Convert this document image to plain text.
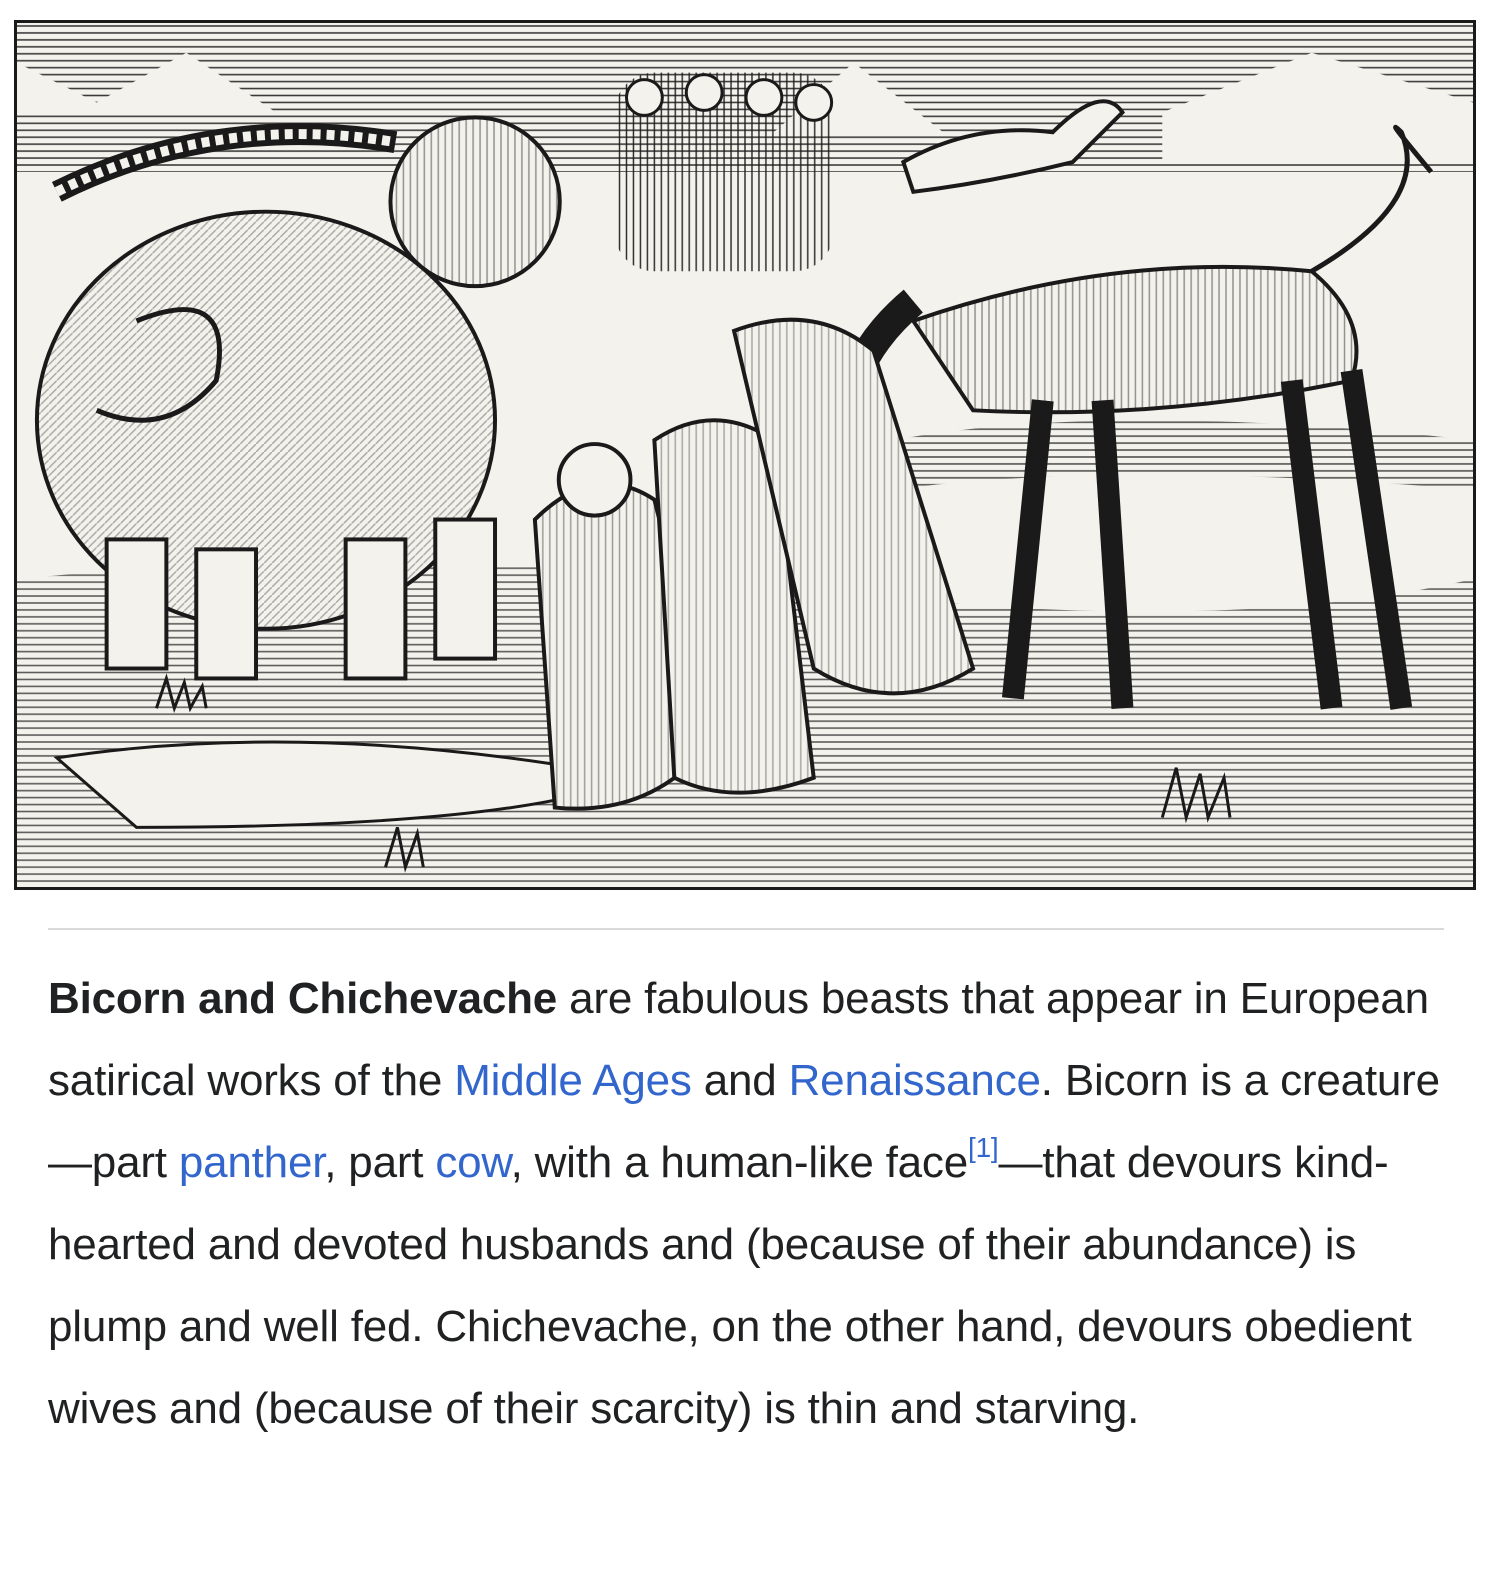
Bicorn and Chichevache are fabulous beasts that appear in European satirical works of the Middle Ages and Renaissance. Bicorn is a creature—part panther, part cow, with a human-like face[1]—that devours kind-hearted and devoted husbands and (because of their abundance) is plump and well fed. Chichevache, on the other hand, devours obedient wives and (because of their scarcity) is thin and starving.
